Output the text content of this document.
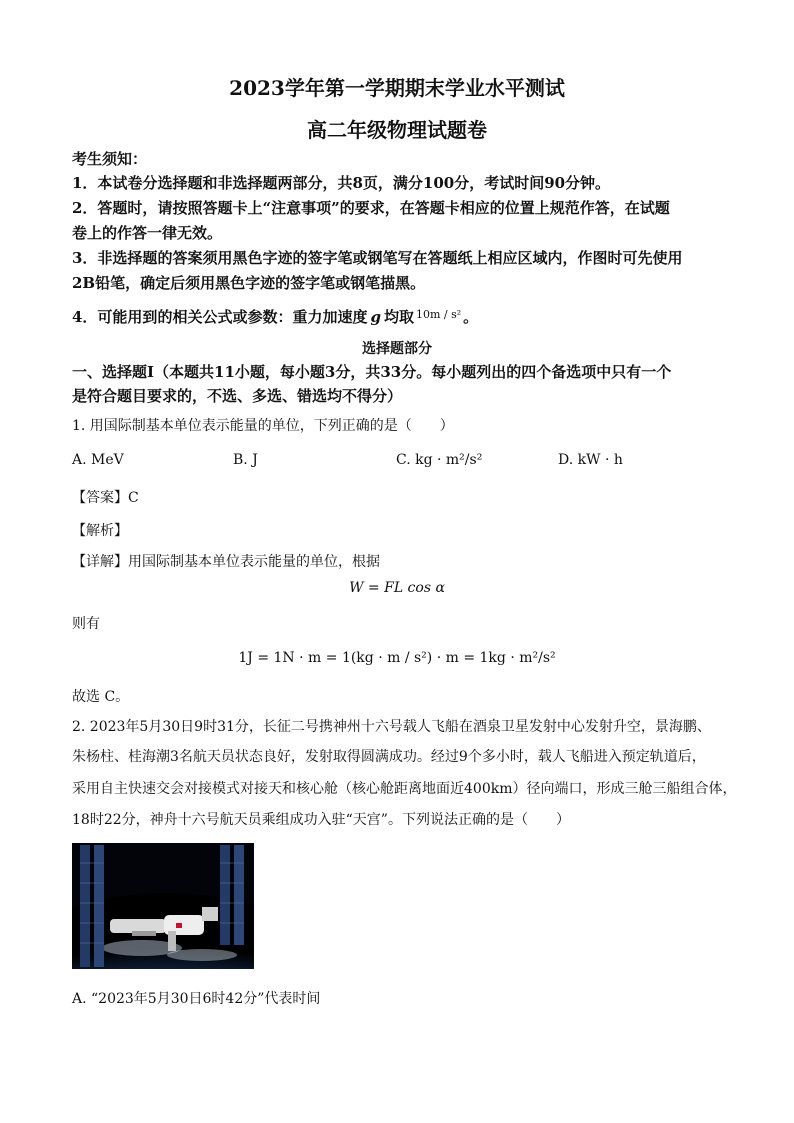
2023学年第一学期期末学业水平测试
高二年级物理试题卷
考生须知：
1．本试卷分选择题和非选择题两部分，共8页，满分100分，考试时间90分钟。
2．答题时，请按照答题卡上“注意事项”的要求，在答题卡相应的位置上规范作答，在试题
卷上的作答一律无效。
3．非选择题的答案须用黑色字迹的签字笔或钢笔写在答题纸上相应区域内，作图时可先使用
2B铅笔，确定后须用黑色字迹的签字笔或钢笔描黑。
4．可能用到的相关公式或参数：重力加速度 g 均取 $^{10m / s^2}$ 。
选择题部分
一、选择题Ⅰ（本题共11小题，每小题3分，共33分。每小题列出的四个备选项中只有一个
是符合题目要求的，不选、多选、错选均不得分）
1. 用国际制基本单位表示能量的单位，下列正确的是（　　）
A. MeV	B. J	C. kg · m²/s²	D. kW · h
【答案】C
【解析】
【详解】用国际制基本单位表示能量的单位，根据
W = FL cos α
则有
1J = 1N · m = 1(kg · m / s²) · m = 1kg · m²/s²
故选 C。
2. 2023年5月30日9时31分，长征二号携神州十六号载人飞船在酒泉卫星发射中心发射升空，景海鹏、
朱杨柱、桂海潮3名航天员状态良好，发射取得圆满成功。经过9个多小时，载人飞船进入预定轨道后，
采用自主快速交会对接模式对接天和核心舱（核心舱距离地面近400km）径向端口，形成三舱三船组合体，
18时22分，神舟十六号航天员乘组成功入驻“天宫”。下列说法正确的是（　　）
A. “2023年5月30日6时42分”代表时间
